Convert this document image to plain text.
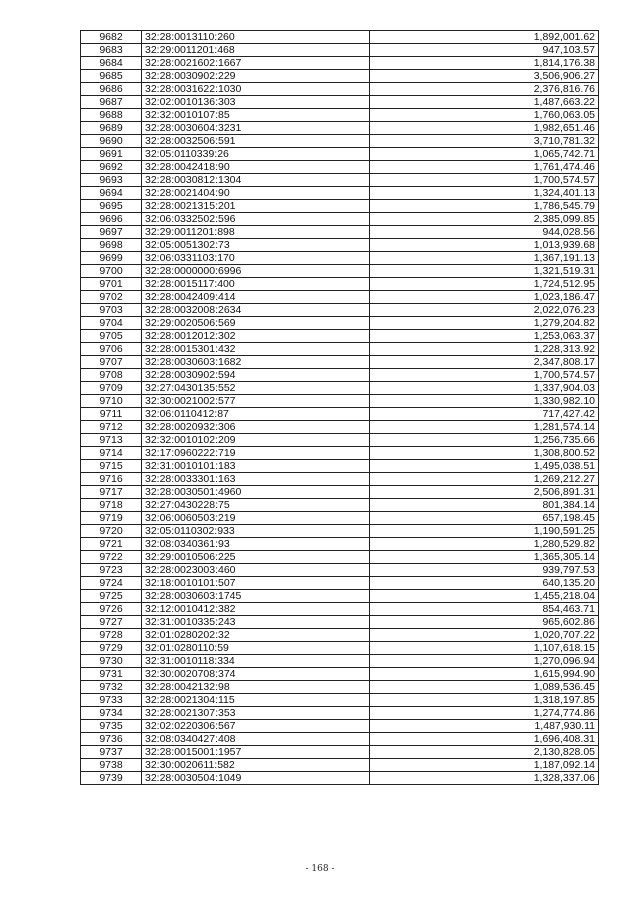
9682	32:28:0013110:260	1,892,001.62
9683	32:29:0011201:468	947,103.57
9684	32:28:0021602:1667	1,814,176.38
9685	32:28:0030902:229	3,506,906.27
9686	32:28:0031622:1030	2,376,816.76
9687	32:02:0010136:303	1,487,663.22
9688	32:32:0010107:85	1,760,063.05
9689	32:28:0030604:3231	1,982,651.46
9690	32:28:0032506:591	3,710,781.32
9691	32:05:0110339:26	1,065,742.71
9692	32:28:0042418:90	1,761,474.46
9693	32:28:0030812:1304	1,700,574.57
9694	32:28:0021404:90	1,324,401.13
9695	32:28:0021315:201	1,786,545.79
9696	32:06:0332502:596	2,385,099.85
9697	32:29:0011201:898	944,028.56
9698	32:05:0051302:73	1,013,939.68
9699	32:06:0331103:170	1,367,191.13
9700	32:28:0000000:6996	1,321,519.31
9701	32:28:0015117:400	1,724,512.95
9702	32:28:0042409:414	1,023,186.47
9703	32:28:0032008:2634	2,022,076.23
9704	32:29:0020506:569	1,279,204.82
9705	32:28:0012012:302	1,253,063.37
9706	32:28:0015301:432	1,228,313.92
9707	32:28:0030603:1682	2,347,808.17
9708	32:28:0030902:594	1,700,574.57
9709	32:27:0430135:552	1,337,904.03
9710	32:30:0021002:577	1,330,982.10
9711	32:06:0110412:87	717,427.42
9712	32:28:0020932:306	1,281,574.14
9713	32:32:0010102:209	1,256,735.66
9714	32:17:0960222:719	1,308,800.52
9715	32:31:0010101:183	1,495,038.51
9716	32:28:0033301:163	1,269,212.27
9717	32:28:0030501:4960	2,506,891.31
9718	32:27:0430228:75	801,384.14
9719	32:06:0060503:219	657,198.45
9720	32:05:0110302:933	1,190,591.25
9721	32:08:0340361:93	1,280,529.82
9722	32:29:0010506:225	1,365,305.14
9723	32:28:0023003:460	939,797.53
9724	32:18:0010101:507	640,135.20
9725	32:28:0030603:1745	1,455,218.04
9726	32:12:0010412:382	854,463.71
9727	32:31:0010335:243	965,602.86
9728	32:01:0280202:32	1,020,707.22
9729	32:01:0280110:59	1,107,618.15
9730	32:31:0010118:334	1,270,096.94
9731	32:30:0020708:374	1,615,994.90
9732	32:28:0042132:98	1,089,536.45
9733	32:28:0021304:115	1,318,197.85
9734	32:28:0021307:353	1,274,774.86
9735	32:02:0220306:567	1,487,930.11
9736	32:08:0340427:408	1,696,408.31
9737	32:28:0015001:1957	2,130,828.05
9738	32:30:0020611:582	1,187,092.14
9739	32:28:0030504:1049	1,328,337.06
- 168 -
